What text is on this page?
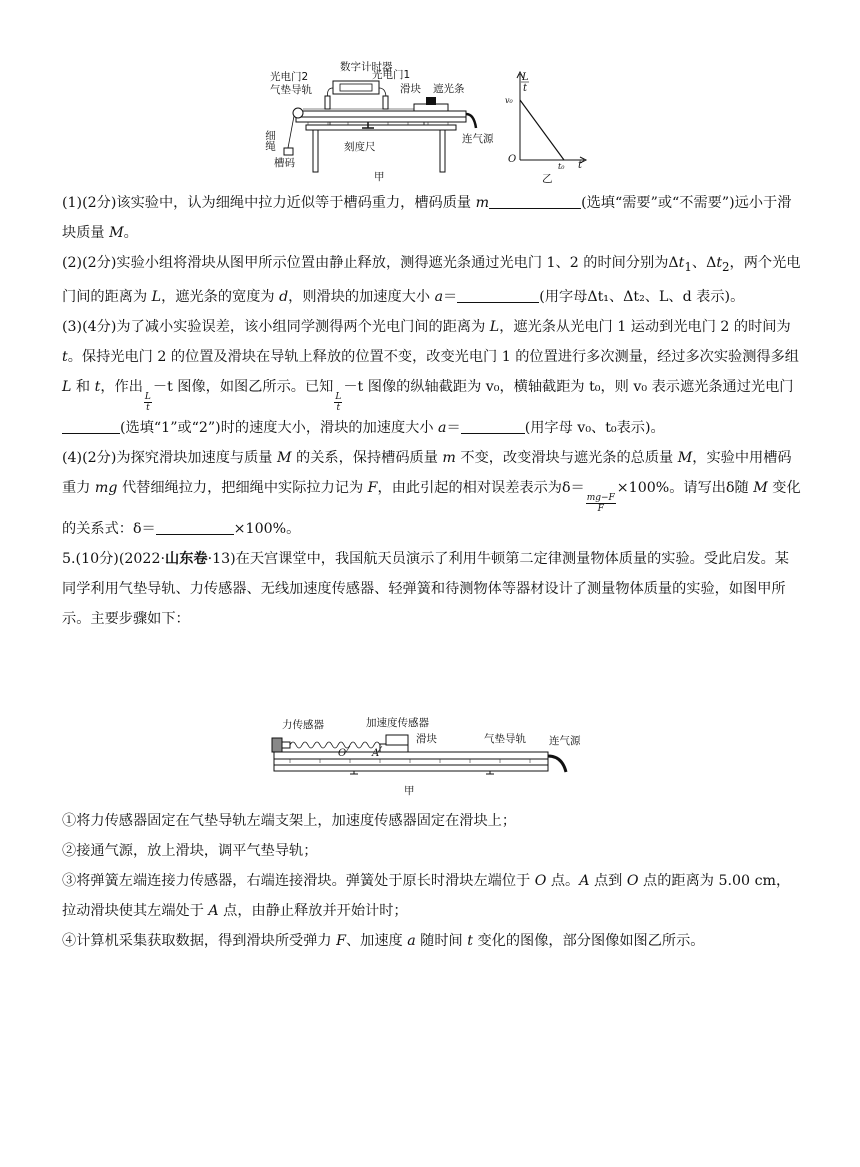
数字计时器
光电门2	光电门1
气垫导轨	滑块 遮光条
细绳
槽码
刻度尺
连气源
甲
L
t
v₀
O
t₀ t
乙

(1)(2分)该实验中，认为细绳中拉力近似等于槽码重力，槽码质量 m	(选填“需要”或“不需要”)远小于滑块质量 M。

(2)(2分)实验小组将滑块从图甲所示位置由静止释放，测得遮光条通过光电门 1、2 的时间分别为$\Delta t_1$、$\Delta t_2$，两个光电门间的距离为 L，遮光条的宽度为 d，则滑块的加速度大小 a＝	(用字母Δt₁、Δt₂、L、d 表示)。

(3)(4分)为了减小实验误差，该小组同学测得两个光电门间的距离为 L，遮光条从光电门 1 运动到光电门 2 的时间为 t。保持光电门 2 的位置及滑块在导轨上释放的位置不变，改变光电门 1 的位置进行多次测量，经过多次实验测得多组 L 和 t，作出
$\frac{L}{t}$
－t 图像，如图乙所示。已知
$\frac{L}{t}$
－t 图像的纵轴截距为 v₀，横轴截距为 t₀，则 v₀ 表示遮光条通过光电门(选填“1”或“2”)时的速度大小，滑块的加速度大小 a＝	(用字母 v₀、t₀表示)。

(4)(2分)为探究滑块加速度与质量 M 的关系，保持槽码质量 m 不变，改变滑块与遮光条的总质量 M，实验中用槽码重力 mg 代替细绳拉力，把细绳中实际拉力记为 F，由此引起的相对误差表示为δ＝
$\frac{mg-F}{F}$
×100%。请写出δ随 M 变化的关系式：δ＝	×100%。

5.(10分)(2022·山东卷·13)在天宫课堂中，我国航天员演示了利用牛顿第二定律测量物体质量的实验。受此启发。某同学利用气垫导轨、力传感器、无线加速度传感器、轻弹簧和待测物体等器材设计了测量物体质量的实验，如图甲所示。主要步骤如下：

力传感器	加速度传感器
滑块	气垫导轨 连气源
O	A
甲

①将力传感器固定在气垫导轨左端支架上，加速度传感器固定在滑块上；

②接通气源，放上滑块，调平气垫导轨；

③将弹簧左端连接力传感器，右端连接滑块。弹簧处于原长时滑块左端位于 O 点。A 点到 O 点的距离为 5.00 cm，拉动滑块使其左端处于 A 点，由静止释放并开始计时；

④计算机采集获取数据，得到滑块所受弹力 F、加速度 a 随时间 t 变化的图像，部分图像如图乙所示。
